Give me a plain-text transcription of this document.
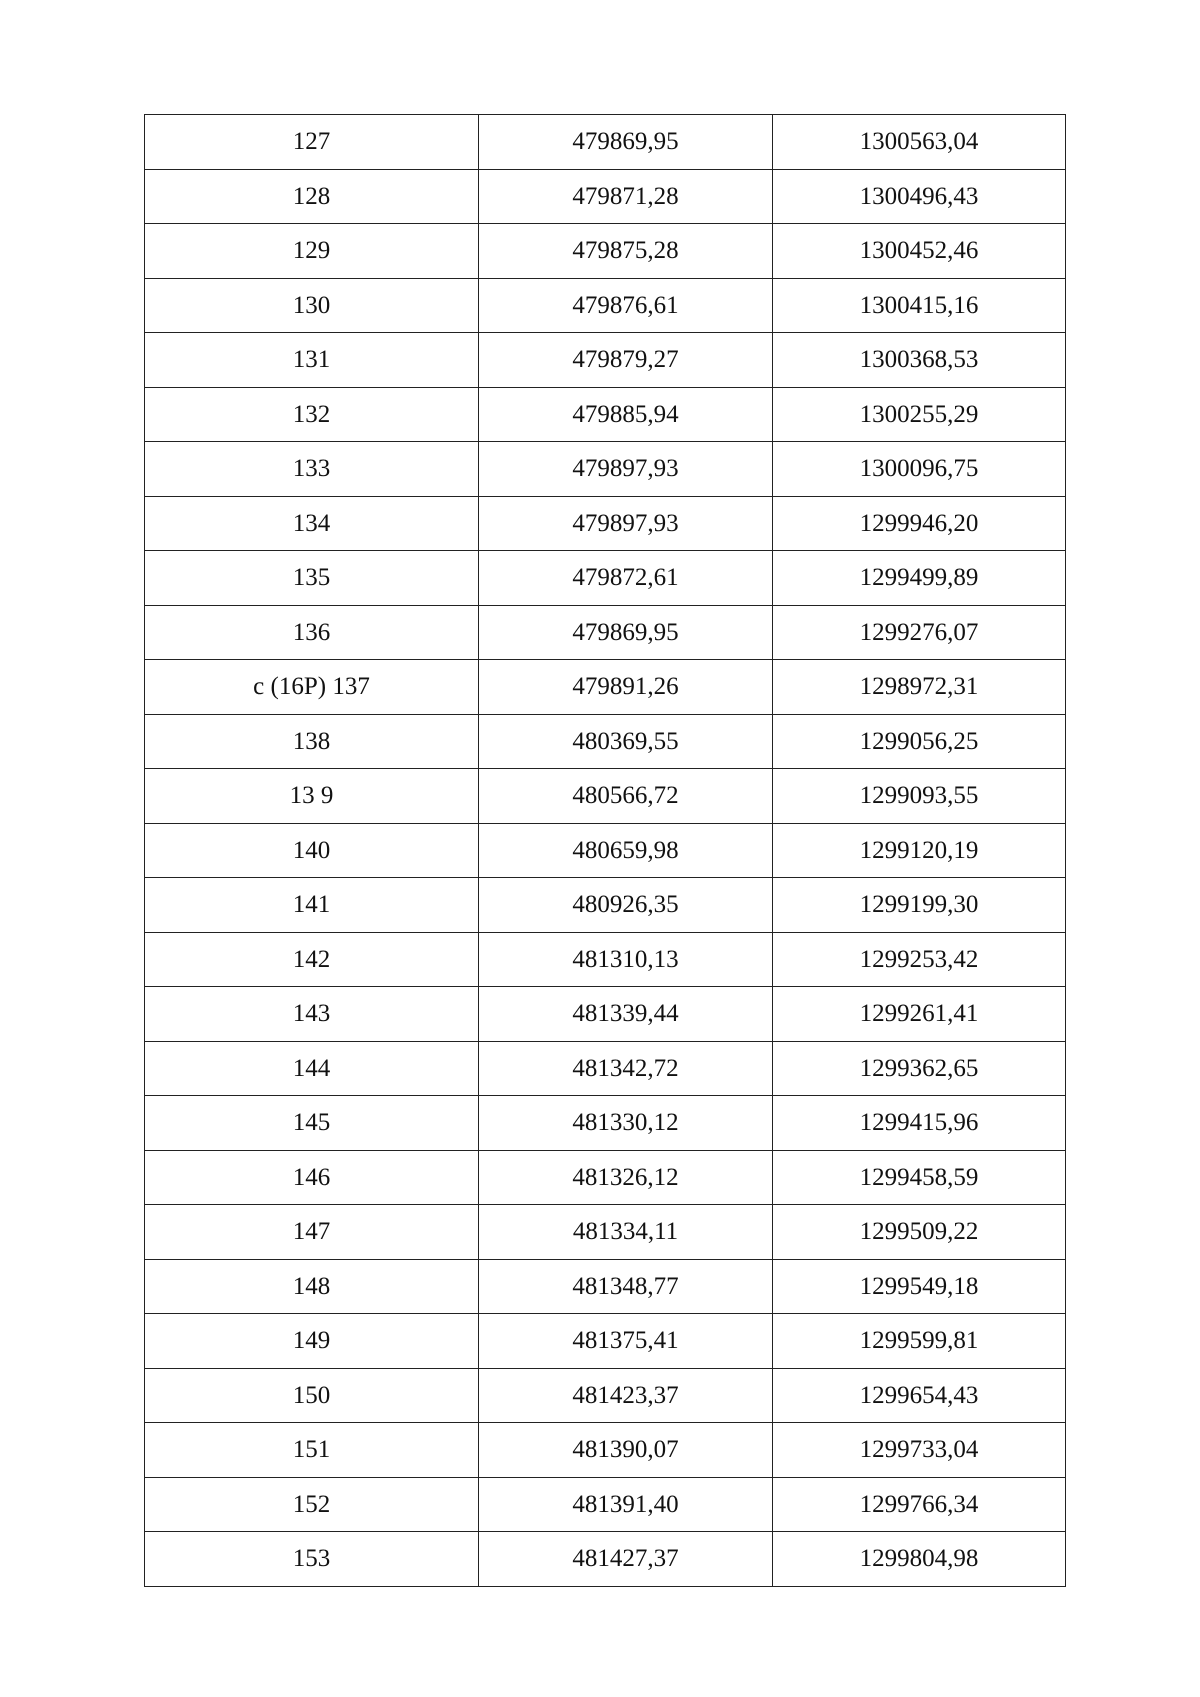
127	479869,95	1300563,04
128	479871,28	1300496,43
129	479875,28	1300452,46
130	479876,61	1300415,16
131	479879,27	1300368,53
132	479885,94	1300255,29
133	479897,93	1300096,75
134	479897,93	1299946,20
135	479872,61	1299499,89
136	479869,95	1299276,07
с (16Р) 137	479891,26	1298972,31
138	480369,55	1299056,25
13 9	480566,72	1299093,55
140	480659,98	1299120,19
141	480926,35	1299199,30
142	481310,13	1299253,42
143	481339,44	1299261,41
144	481342,72	1299362,65
145	481330,12	1299415,96
146	481326,12	1299458,59
147	481334,11	1299509,22
148	481348,77	1299549,18
149	481375,41	1299599,81
150	481423,37	1299654,43
151	481390,07	1299733,04
152	481391,40	1299766,34
153	481427,37	1299804,98
